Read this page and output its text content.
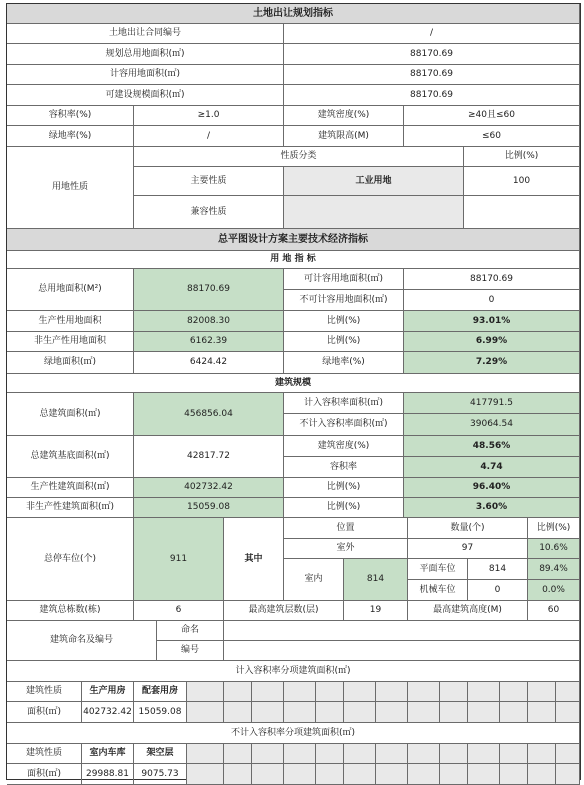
土地出让规划指标
土地出让合同编号	/
规划总用地面积(㎡)	88170.69
计容用地面积(㎡)	88170.69
可建设规模面积(㎡)	88170.69
容积率(%)	≥1.0	建筑密度(%)	≥40且≤60
绿地率(%)	/	建筑限高(M)	≤60
用地性质
性质分类	比例(%)
主要性质	工业用地	100
兼容性质
总平图设计方案主要技术经济指标
用 地 指 标
总用地面积(M²)	88170.69
可计容用地面积(㎡)	88170.69
不可计容用地面积(㎡)	0
生产性用地面积	82008.30	比例(%)	93.01%
非生产性用地面积	6162.39	比例(%)	6.99%
绿地面积(㎡)	6424.42	绿地率(%)	7.29%
建筑规模
总建筑面积(㎡)	456856.04
计入容积率面积(㎡)	417791.5
不计入容积率面积(㎡)	39064.54
总建筑基底面积(㎡)	42817.72
建筑密度(%)	48.56%
容积率	4.74
生产性建筑面积(㎡)	402732.42	比例(%)	96.40%
非生产性建筑面积(㎡)	15059.08	比例(%)	3.60%
总停车位(个)	911	其中
位置	数量(个)	比例(%)
室外	97	10.6%
室内	814
平面车位	814	89.4%
机械车位	0	0.0%
建筑总栋数(栋)	6	最高建筑层数(层)	19	最高建筑高度(M)	60
建筑命名及编号
命名
编号
计入容积率分项建筑面积(㎡)
不计入容积率分项建筑面积(㎡)
建筑性质	生产用房	配套用房
面积(㎡)	402732.42 15059.08
建筑性质	室内车库	架空层
面积(㎡)	29988.81	9075.73
